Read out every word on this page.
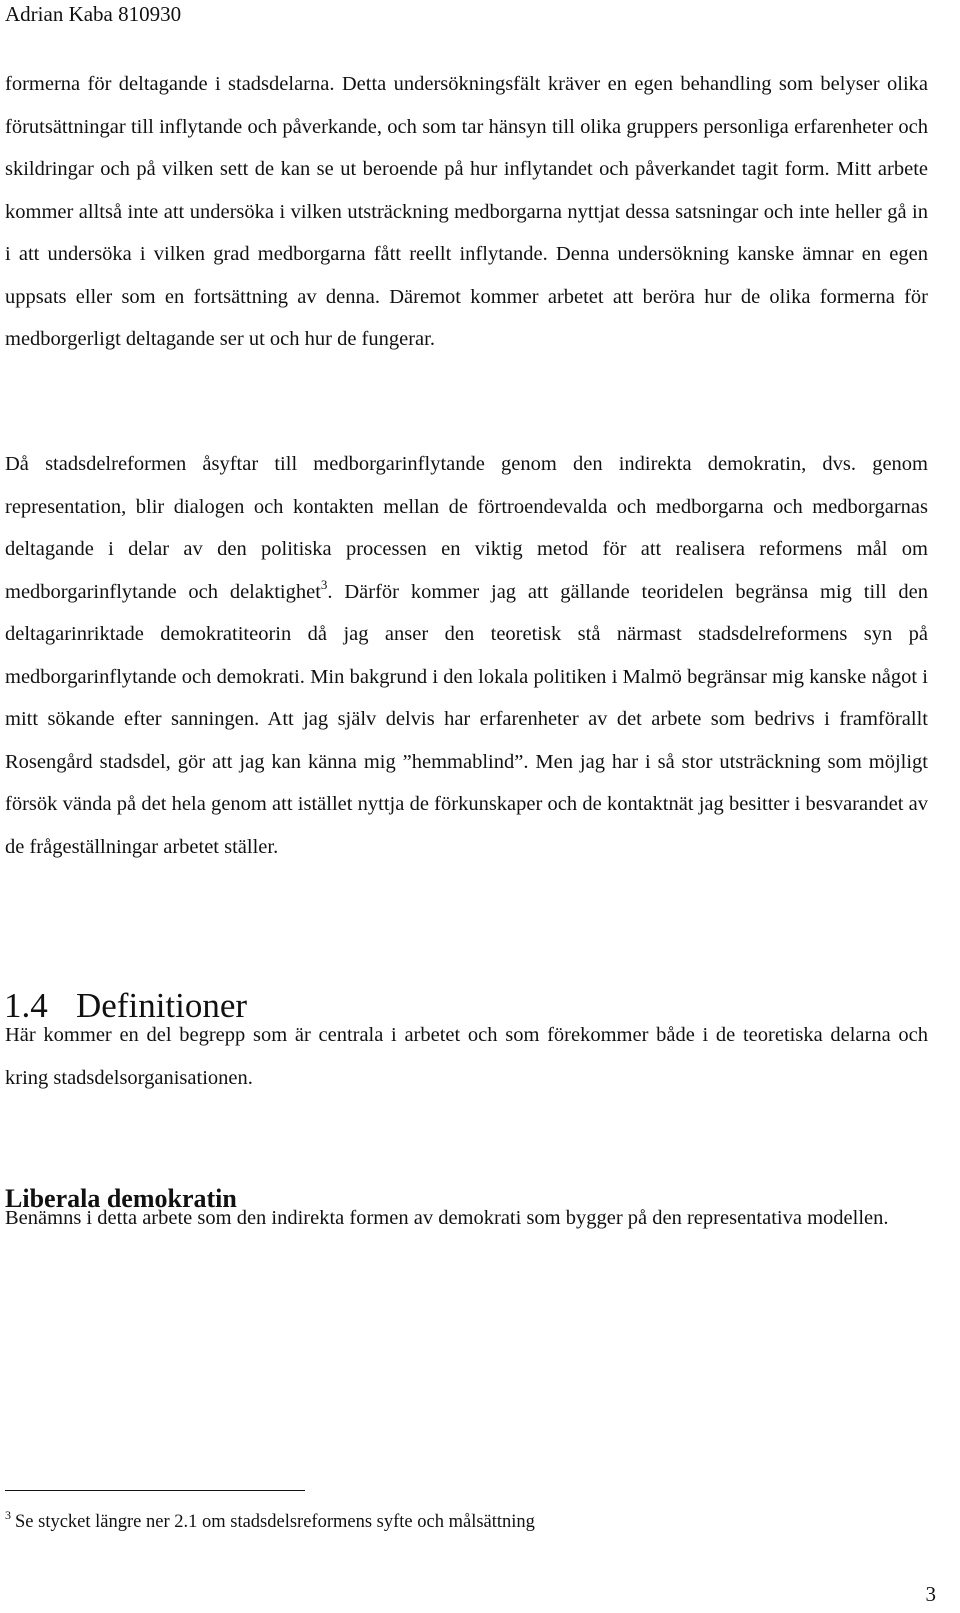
Adrian Kaba 810930

formerna för deltagande i stadsdelarna. Detta undersökningsfält kräver en egen behandling som belyser olika förutsättningar till inflytande och påverkande, och som tar hänsyn till olika gruppers personliga erfarenheter och skildringar och på vilken sett de kan se ut beroende på hur inflytandet och påverkandet tagit form. Mitt arbete kommer alltså inte att undersöka i vilken utsträckning medborgarna nyttjat dessa satsningar och inte heller gå in i att undersöka i vilken grad medborgarna fått reellt inflytande. Denna undersökning kanske ämnar en egen uppsats eller som en fortsättning av denna. Däremot kommer arbetet att beröra hur de olika formerna för medborgerligt deltagande ser ut och hur de fungerar.

Då stadsdelreformen åsyftar till medborgarinflytande genom den indirekta demokratin, dvs. genom representation, blir dialogen och kontakten mellan de förtroendevalda och medborgarna och medborgarnas deltagande i delar av den politiska processen en viktig metod för att realisera reformens mål om medborgarinflytande och delaktighet$^3$. Därför kommer jag att gällande teoridelen begränsa mig till den deltagarinriktade demokratiteorin då jag anser den teoretisk stå närmast stadsdelreformens syn på medborgarinflytande och demokrati. Min bakgrund i den lokala politiken i Malmö begränsar mig kanske något i mitt sökande efter sanningen. Att jag själv delvis har erfarenheter av det arbete som bedrivs i framförallt Rosengård stadsdel, gör att jag kan känna mig ”hemmablind”. Men jag har i så stor utsträckning som möjligt försök vända på det hela genom att istället nyttja de förkunskaper och de kontaktnät jag besitter i besvarandet av de frågeställningar arbetet ställer.

1.4 Definitioner

Här kommer en del begrepp som är centrala i arbetet och som förekommer både i de teoretiska delarna och kring stadsdelsorganisationen.

Liberala demokratin

Benämns i detta arbete som den indirekta formen av demokrati som bygger på den representativa modellen.

$^3$ Se stycket längre ner 2.1 om stadsdelsreformens syfte och målsättning
3
